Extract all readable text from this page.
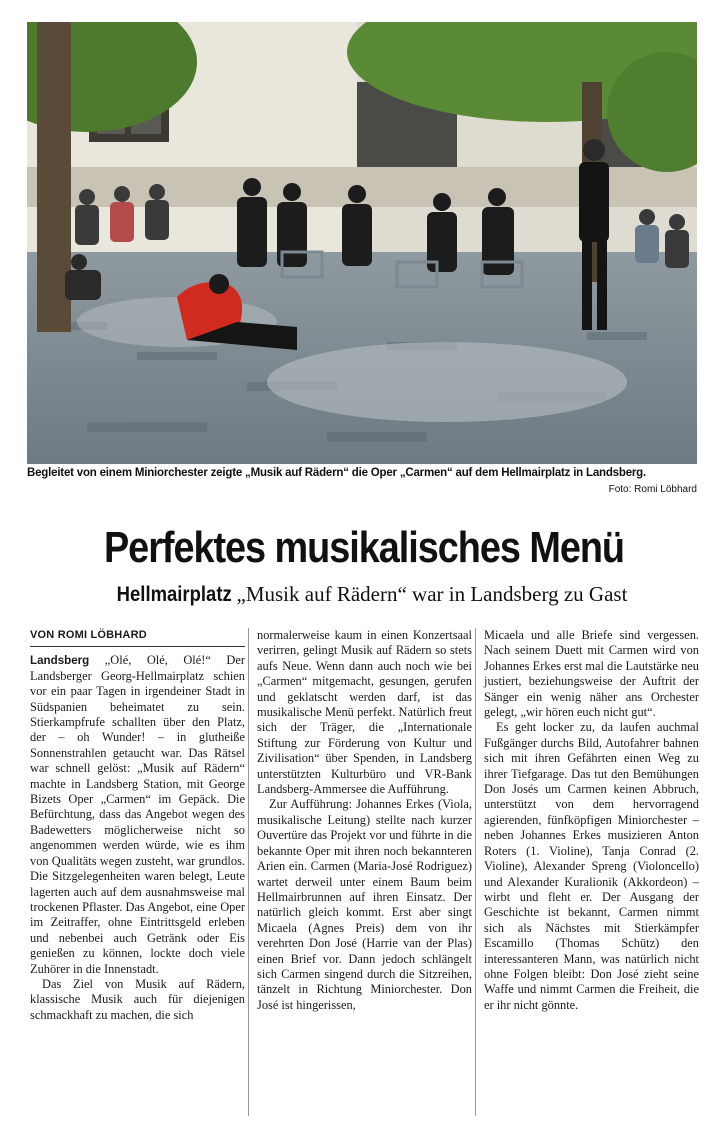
Begleitet von einem Miniorchester zeigte „Musik auf Rädern“ die Oper „Carmen“ auf dem Hellmairplatz in Landsberg.
Foto: Romi Löbhard
Perfektes musikalisches Menü
Hellmairplatz „Musik auf Rädern“ war in Landsberg zu Gast
VON ROMI LÖBHARD

Landsberg „Olé, Olé, Olé!“ Der Landsberger Georg-Hellmairplatz schien vor ein paar Tagen in irgendeiner Stadt in Südspanien beheimatet zu sein. Stierkampfrufe schallten über den Platz, der – oh Wunder! – in glutheiße Sonnenstrahlen getaucht war. Das Rätsel war schnell gelöst: „Musik auf Rädern“ machte in Landsberg Station, mit George Bizets Oper „Carmen“ im Gepäck. Die Befürchtung, dass das Angebot wegen des Badewetters möglicherweise nicht so angenommen werden würde, wie es ihm von Qualitäts wegen zusteht, war grundlos. Die Sitzgelegenheiten waren belegt, Leute lagerten auch auf dem ausnahmsweise mal trockenen Pflaster. Das Angebot, eine Oper im Zeitraffer, ohne Eintrittsgeld erleben und nebenbei auch Getränk oder Eis genießen zu können, lockte doch viele Zuhörer in die Innenstadt.

Das Ziel von Musik auf Rädern, klassische Musik auch für diejenigen schmackhaft zu machen, die sich

normalerweise kaum in einen Konzertsaal verirren, gelingt Musik auf Rädern so stets aufs Neue. Wenn dann auch noch wie bei „Carmen“ mitgemacht, gesungen, gerufen und geklatscht werden darf, ist das musikalische Menü perfekt. Natürlich freut sich der Träger, die „Internationale Stiftung zur Förderung von Kultur und Zivilisation“ über Spenden, in Landsberg unterstützten Kulturbüro und VR-Bank Landsberg-Ammersee die Aufführung.

Zur Aufführung: Johannes Erkes (Viola, musikalische Leitung) stellte nach kurzer Ouvertüre das Projekt vor und führte in die bekannte Oper mit ihren noch bekannteren Arien ein. Carmen (Maria-José Rodriguez) wartet derweil unter einem Baum beim Hellmairbrunnen auf ihren Einsatz. Der natürlich gleich kommt. Erst aber singt Micaela (Agnes Preis) dem von ihr verehrten Don José (Harrie van der Plas) einen Brief vor. Dann jedoch schlängelt sich Carmen singend durch die Sitzreihen, tänzelt in Richtung Miniorchester. Don José ist hingerissen,

Micaela und alle Briefe sind vergessen. Nach seinem Duett mit Carmen wird von Johannes Erkes erst mal die Lautstärke neu justiert, beziehungsweise der Auftrit der Sänger ein wenig näher ans Orchester gelegt, „wir hören euch nicht gut“.

Es geht locker zu, da laufen auchmal Fußgänger durchs Bild, Autofahrer bahnen sich mit ihren Gefährten einen Weg zu ihrer Tiefgarage. Das tut den Bemühungen Don Josés um Carmen keinen Abbruch, unterstützt von dem hervorragend agierenden, fünfköpfigen Miniorchester – neben Johannes Erkes musizieren Anton Roters (1. Violine), Tanja Conrad (2. Violine), Alexander Spreng (Violoncello) und Alexander Kuralionik (Akkordeon) – wirbt und fleht er. Der Ausgang der Geschichte ist bekannt, Carmen nimmt sich als Nächstes mit Stierkämpfer Escamillo (Thomas Schütz) den interessanteren Mann, was natürlich nicht ohne Folgen bleibt: Don José zieht seine Waffe und nimmt Carmen die Freiheit, die er ihr nicht gönnte.
